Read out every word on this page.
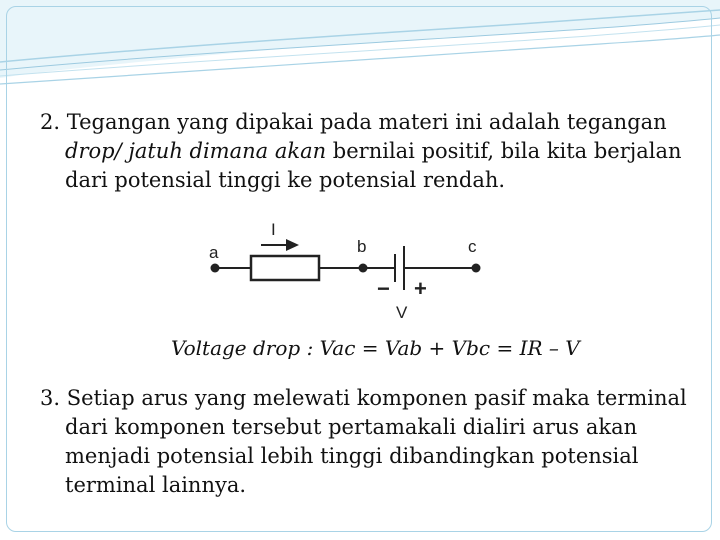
2. Tegangan yang dipakai pada materi ini adalah tegangan drop/ jatuh dimana akan bernilai positif, bila kita berjalan dari potensial tinggi ke potensial rendah.
a	b	c
I
− +
V
Voltage drop : Vac = Vab + Vbc = IR – V
3. Setiap arus yang melewati komponen pasif maka terminal dari komponen tersebut pertamakali dialiri arus akan menjadi potensial lebih tinggi dibandingkan potensial terminal lainnya.
